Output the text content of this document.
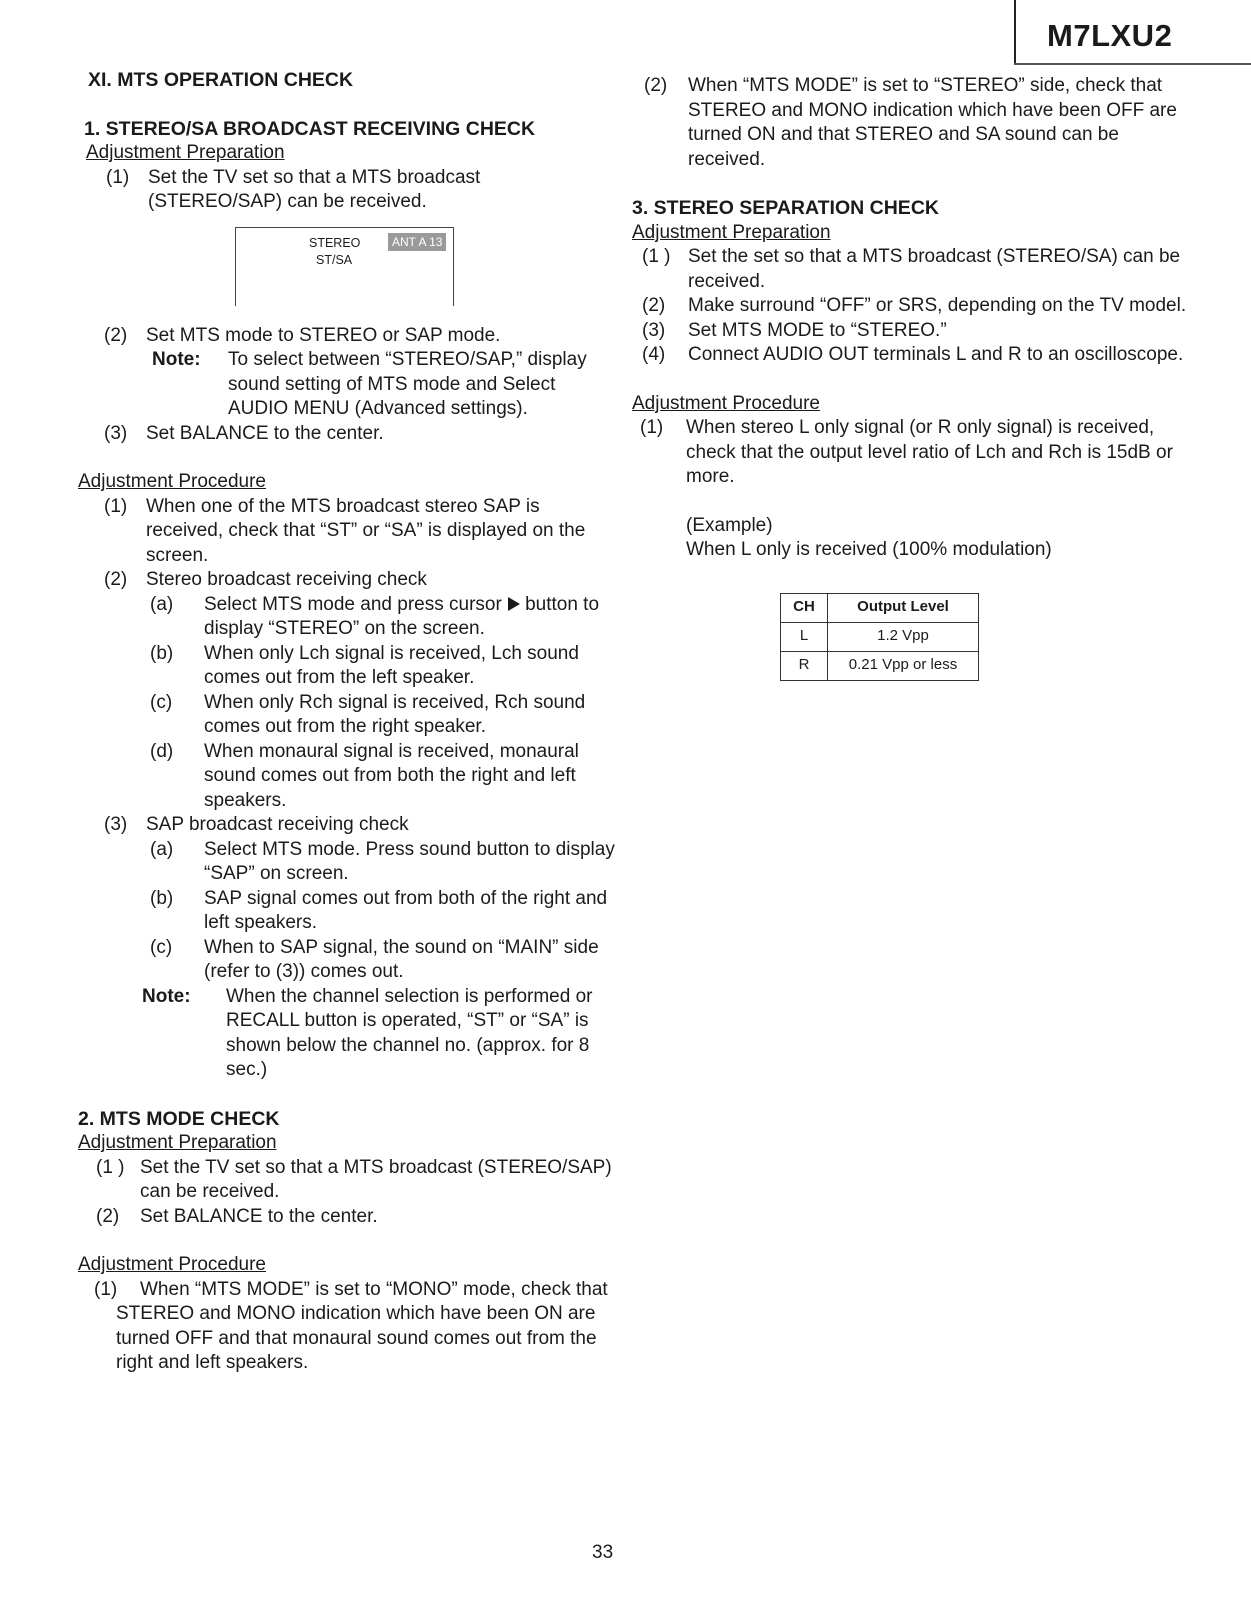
M7LXU2

XI. MTS OPERATION CHECK

1. STEREO/SA BROADCAST RECEIVING CHECK

Adjustment Preparation

(1) Set the TV set so that a MTS broadcast (STEREO/SAP) can be received.
STEREO
ST/SA
ANT A 13
(2) Set MTS mode to STEREO or SAP mode.
Note: To select between “STEREO/SAP,” display sound setting of MTS mode and Select AUDIO MENU (Advanced settings).
(3) Set BALANCE to the center.

Adjustment Procedure

(1) When one of the MTS broadcast stereo SAP is received, check that “ST” or “SA” is displayed on the screen.
(2) Stereo broadcast receiving check
(a) Select MTS mode and press cursor button to display “STEREO” on the screen.
(b) When only Lch signal is received, Lch sound comes out from the left speaker.
(c) When only Rch signal is received, Rch sound comes out from the right speaker.
(d) When monaural signal is received, monaural sound comes out from both the right and left speakers.
(3) SAP broadcast receiving check
(a) Select MTS mode. Press sound button to display “SAP” on screen.
(b) SAP signal comes out from both of the right and left speakers.
(c) When to SAP signal, the sound on “MAIN” side (refer to (3)) comes out.
Note: When the channel selection is performed or RECALL button is operated, “ST” or “SA” is shown below the channel no. (approx. for 8 sec.)

2. MTS MODE CHECK

Adjustment Preparation

(1 ) Set the TV set so that a MTS broadcast (STEREO/SAP) can be received.
(2) Set BALANCE to the center.

Adjustment Procedure

(1)	When “MTS MODE” is set to “MONO” mode, check that STEREO and MONO indication which have been ON are turned OFF and that monaural sound comes out from the right and left speakers.
(2) When “MTS MODE” is set to “STEREO” side, check that STEREO and MONO indication which have been OFF are turned ON and that STEREO and SA sound can be received.

3. STEREO SEPARATION CHECK

Adjustment Preparation

(1 ) Set the set so that a MTS broadcast (STEREO/SA) can be received.
(2) Make surround “OFF” or SRS, depending on the TV model.
(3) Set MTS MODE to “STEREO.”
(4) Connect AUDIO OUT terminals L and R to an oscilloscope.

Adjustment Procedure

(1) When stereo L only signal (or R only signal) is received, check that the output level ratio of Lch and Rch is 15dB or more.

(Example)

When L only is received (100% modulation)

CH	Output Level
L	1.2 Vpp
R	0.21 Vpp or less
33
